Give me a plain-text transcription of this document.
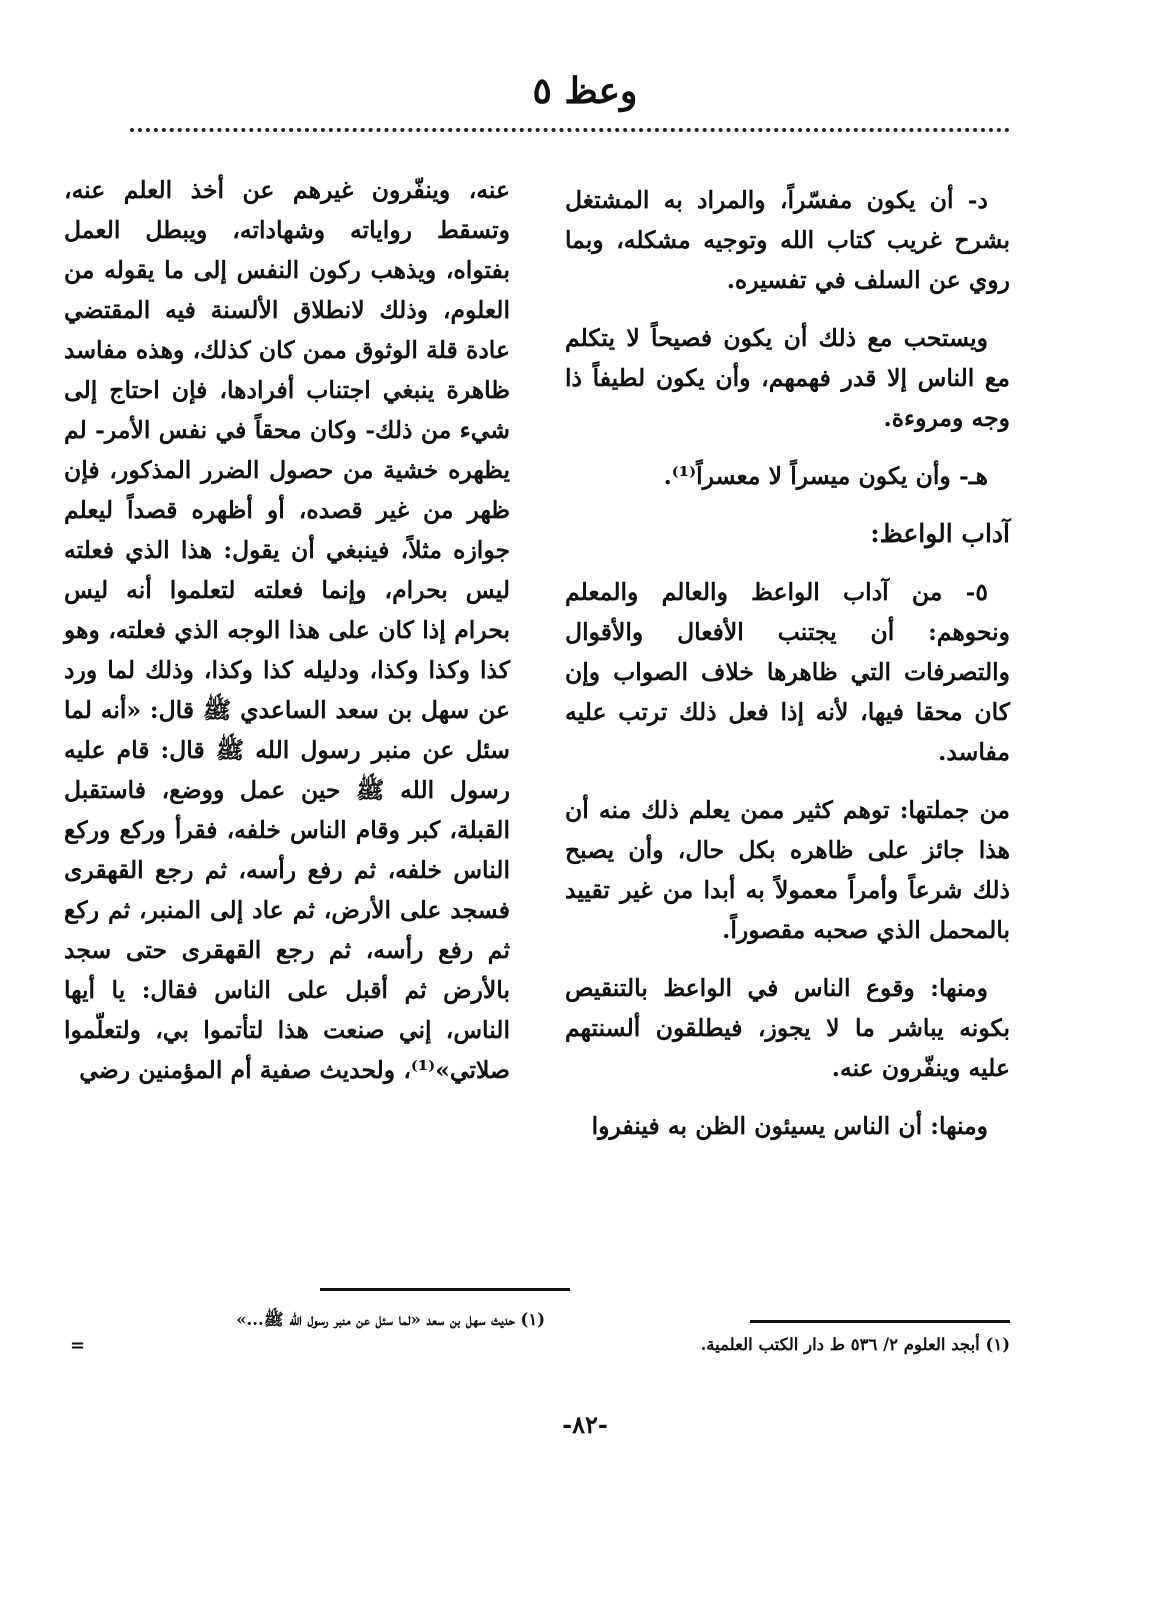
وعظ ٥

د- أن يكون مفسّراً، والمراد به المشتغل بشرح غريب كتاب الله وتوجيه مشكله، وبما روي عن السلف في تفسيره.

ويستحب مع ذلك أن يكون فصيحاً لا يتكلم مع الناس إلا قدر فهمهم، وأن يكون لطيفاً ذا وجه ومروءة.

هـ- وأن يكون ميسراً لا معسراً⁽¹⁾.

آداب الواعظ:

٥- من آداب الواعظ والعالم والمعلم ونحوهم: أن يجتنب الأفعال والأقوال والتصرفات التي ظاهرها خلاف الصواب وإن كان محقا فيها، لأنه إذا فعل ذلك ترتب عليه مفاسد.

من جملتها: توهم كثير ممن يعلم ذلك منه أن هذا جائز على ظاهره بكل حال، وأن يصبح ذلك شرعاً وأمراً معمولاً به أبدا من غير تقييد بالمحمل الذي صحبه مقصوراً.

ومنها: وقوع الناس في الواعظ بالتنقيص بكونه يباشر ما لا يجوز، فيطلقون ألسنتهم عليه وينفّرون عنه.

ومنها: أن الناس يسيئون الظن به فينفروا

عنه، وينفّرون غيرهم عن أخذ العلم عنه، وتسقط رواياته وشهاداته، ويبطل العمل بفتواه، ويذهب ركون النفس إلى ما يقوله من العلوم، وذلك لانطلاق الألسنة فيه المقتضي عادة قلة الوثوق ممن كان كذلك، وهذه مفاسد ظاهرة ينبغي اجتناب أفرادها، فإن احتاج إلى شيء من ذلك- وكان محقاً في نفس الأمر- لم يظهره خشية من حصول الضرر المذكور، فإن ظهر من غير قصده، أو أظهره قصداً ليعلم جوازه مثلاً، فينبغي أن يقول: هذا الذي فعلته ليس بحرام، وإنما فعلته لتعلموا أنه ليس بحرام إذا كان على هذا الوجه الذي فعلته، وهو كذا وكذا وكذا، ودليله كذا وكذا، وذلك لما ورد عن سهل بن سعد الساعدي ﷺ قال: «أنه لما سئل عن منبر رسول الله ﷺ قال: قام عليه رسول الله ﷺ حين عمل ووضع، فاستقبل القبلة، كبر وقام الناس خلفه، فقرأ وركع وركع الناس خلفه، ثم رفع رأسه، ثم رجع القهقرى فسجد على الأرض، ثم عاد إلى المنبر، ثم ركع ثم رفع رأسه، ثم رجع القهقرى حتى سجد بالأرض ثم أقبل على الناس فقال: يا أيها الناس، إني صنعت هذا لتأتموا بي، ولتعلّموا صلاتي»⁽¹⁾، ولحديث صفية أم المؤمنين رضي

(١) أبجد العلوم ٢/ ٥٣٦ ط دار الكتب العلمية.
(١) حديث سهل بن سعد «لما سئل عن منبر رسول الله ﷺ...»
=
-٨٢-
